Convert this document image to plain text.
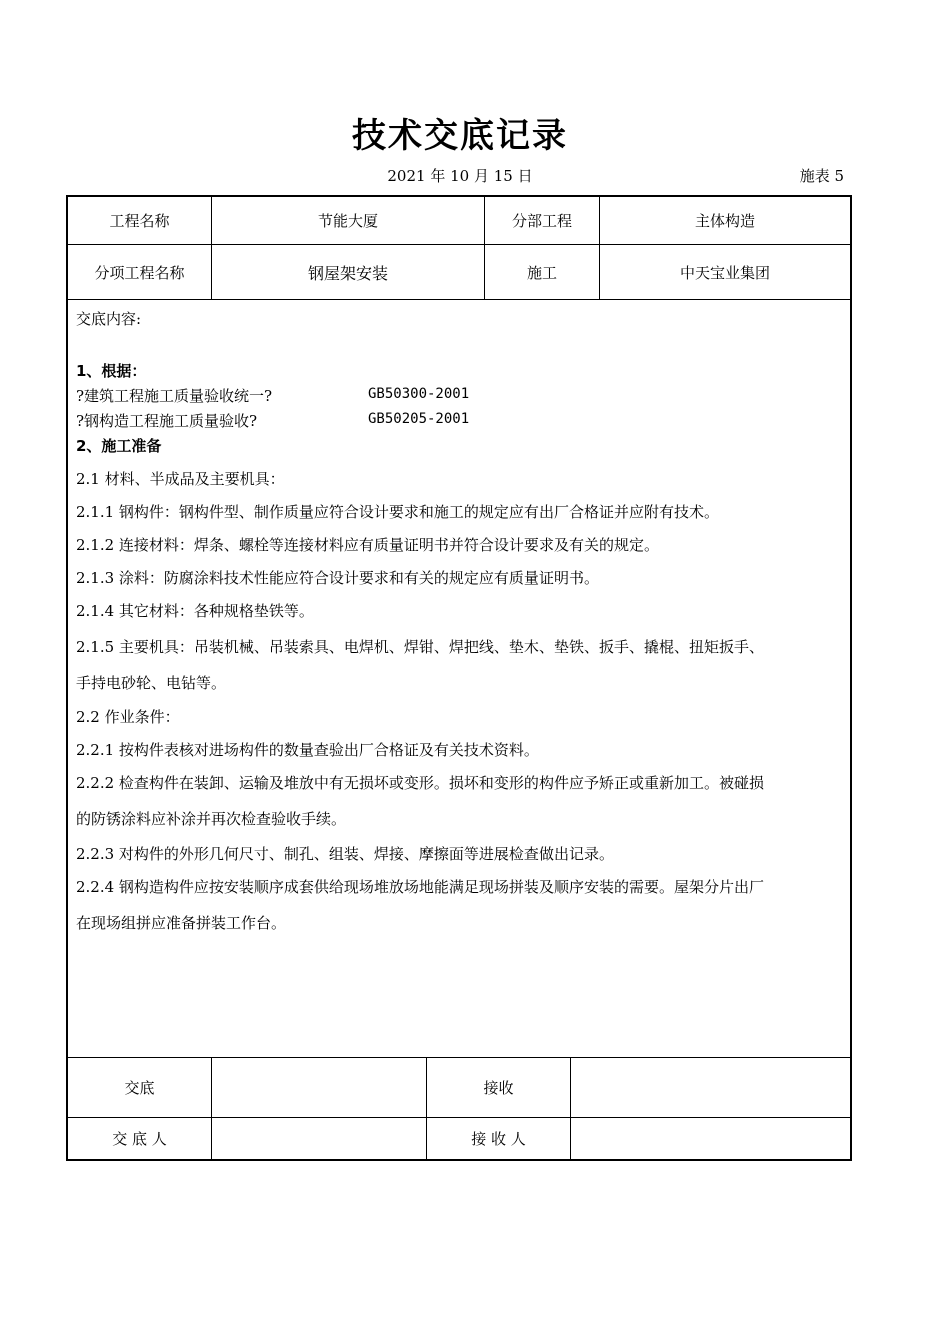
技术交底记录
2021 年 10 月 15 日	施表 5
工程名称	节能大厦	分部工程	主体构造
分项工程名称	钢屋架安装	施工	中天宝业集团
交底	接收
交 底 人	接 收 人
交底内容:
1、根据：
?建筑工程施工质量验收统一?	GB50300-2001
?钢构造工程施工质量验收?	GB50205-2001
2、施工准备
2.1 材料、半成品及主要机具：
2.1.1 钢构件：钢构件型、制作质量应符合设计要求和施工的规定应有出厂合格证并应附有技术。
2.1.2 连接材料：焊条、螺栓等连接材料应有质量证明书并符合设计要求及有关的规定。
2.1.3 涂料：防腐涂料技术性能应符合设计要求和有关的规定应有质量证明书。
2.1.4 其它材料：各种规格垫铁等。
2.1.5 主要机具：吊装机械、吊装索具、电焊机、焊钳、焊把线、垫木、垫铁、扳手、撬棍、扭矩扳手、
手持电砂轮、电钻等。
2.2 作业条件：
2.2.1 按构件表核对进场构件的数量查验出厂合格证及有关技术资料。
2.2.2 检查构件在装卸、运输及堆放中有无损坏或变形。损坏和变形的构件应予矫正或重新加工。被碰损
的防锈涂料应补涂并再次检查验收手续。
2.2.3 对构件的外形几何尺寸、制孔、组装、焊接、摩擦面等进展检查做出记录。
2.2.4 钢构造构件应按安装顺序成套供给现场堆放场地能满足现场拼装及顺序安装的需要。屋架分片出厂
在现场组拼应准备拼装工作台。
